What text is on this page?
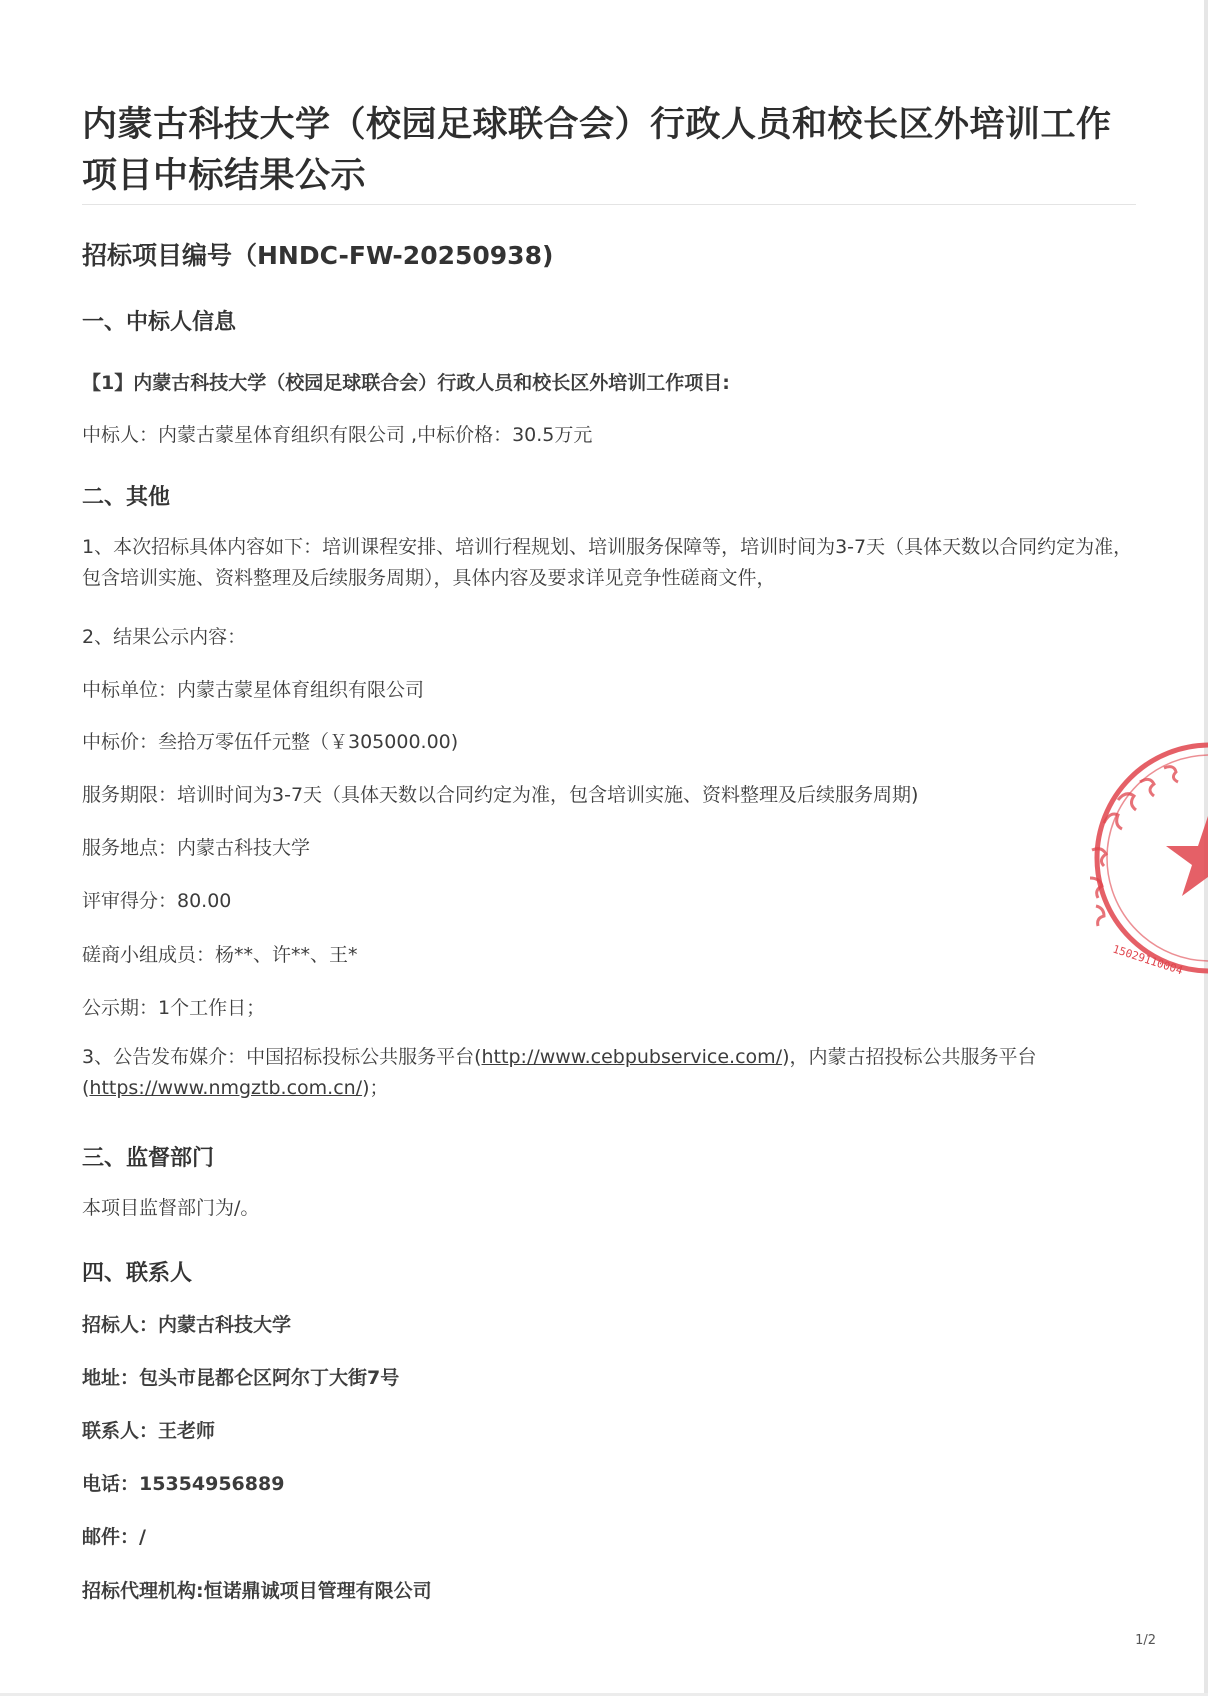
内蒙古科技大学（校园足球联合会）行政人员和校长区外培训工作项目中标结果公示
招标项目编号（HNDC-FW-20250938)
一、中标人信息
【1】内蒙古科技大学（校园足球联合会）行政人员和校长区外培训工作项目:
中标人：内蒙古蒙星体育组织有限公司 ,中标价格：30.5万元
二、其他
1、本次招标具体内容如下：培训课程安排、培训行程规划、培训服务保障等，培训时间为3-7天（具体天数以合同约定为准，包含培训实施、资料整理及后续服务周期），具体内容及要求详见竞争性磋商文件，
2、结果公示内容：
中标单位：内蒙古蒙星体育组织有限公司
中标价：叁拾万零伍仟元整（￥305000.00)
服务期限：培训时间为3-7天（具体天数以合同约定为准，包含培训实施、资料整理及后续服务周期)
服务地点：内蒙古科技大学
评审得分：80.00
磋商小组成员：杨**、许**、王*
公示期：1个工作日；
3、公告发布媒介：中国招标投标公共服务平台(http://www.cebpubservice.com/)，内蒙古招投标公共服务平台(https://www.nmgztb.com.cn/)；
三、监督部门
本项目监督部门为/。
四、联系人
招标人：内蒙古科技大学
地址：包头市昆都仑区阿尔丁大街7号
联系人：王老师
电话：15354956889
邮件：/
招标代理机构:恒诺鼎诚项目管理有限公司
1/2
15029110004
